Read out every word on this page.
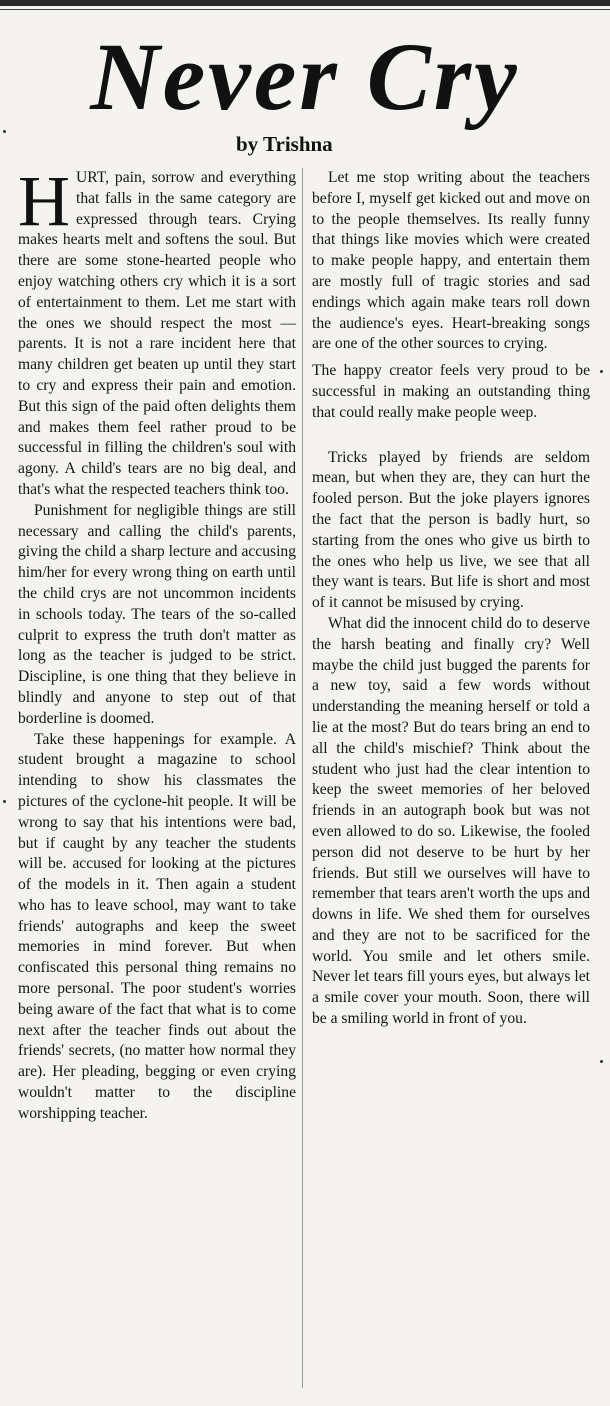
Never Cry
by Trishna

HURT, pain, sorrow and everything that falls in the same category are expressed through tears. Crying makes hearts melt and softens the soul. But there are some stone-hearted people who enjoy watching others cry which it is a sort of entertainment to them. Let me start with the ones we should respect the most — parents. It is not a rare incident here that many children get beaten up until they start to cry and express their pain and emotion. But this sign of the paid often delights them and makes them feel rather proud to be successful in filling the children's soul with agony. A child's tears are no big deal, and that's what the respected teachers think too.

Punishment for negligible things are still necessary and calling the child's parents, giving the child a sharp lecture and accusing him/her for every wrong thing on earth until the child crys are not uncommon incidents in schools today. The tears of the so-called culprit to express the truth don't matter as long as the teacher is judged to be strict. Discipline, is one thing that they believe in blindly and anyone to step out of that borderline is doomed.

Take these happenings for example. A student brought a magazine to school intending to show his classmates the pictures of the cyclone-hit people. It will be wrong to say that his intentions were bad, but if caught by any teacher the students will be. accused for looking at the pictures of the models in it. Then again a student who has to leave school, may want to take friends' autographs and keep the sweet memories in mind forever. But when confiscated this personal thing remains no more personal. The poor student's worries being aware of the fact that what is to come next after the teacher finds out about the friends' secrets, (no matter how normal they are). Her pleading, begging or even crying wouldn't matter to the discipline worshipping teacher.

Let me stop writing about the teachers before I, myself get kicked out and move on to the people themselves. Its really funny that things like movies which were created to make people happy, and entertain them are mostly full of tragic stories and sad endings which again make tears roll down the audience's eyes. Heart-breaking songs are one of the other sources to crying.

The happy creator feels very proud to be successful in making an outstanding thing that could really make people weep.

Tricks played by friends are seldom mean, but when they are, they can hurt the fooled person. But the joke players ignores the fact that the person is badly hurt, so starting from the ones who give us birth to the ones who help us live, we see that all they want is tears. But life is short and most of it cannot be misused by crying.

What did the innocent child do to deserve the harsh beating and finally cry? Well maybe the child just bugged the parents for a new toy, said a few words without understanding the meaning herself or told a lie at the most? But do tears bring an end to all the child's mischief? Think about the student who just had the clear intention to keep the sweet memories of her beloved friends in an autograph book but was not even allowed to do so. Likewise, the fooled person did not deserve to be hurt by her friends. But still we ourselves will have to remember that tears aren't worth the ups and downs in life. We shed them for ourselves and they are not to be sacrificed for the world. You smile and let others smile. Never let tears fill yours eyes, but always let a smile cover your mouth. Soon, there will be a smiling world in front of you.
